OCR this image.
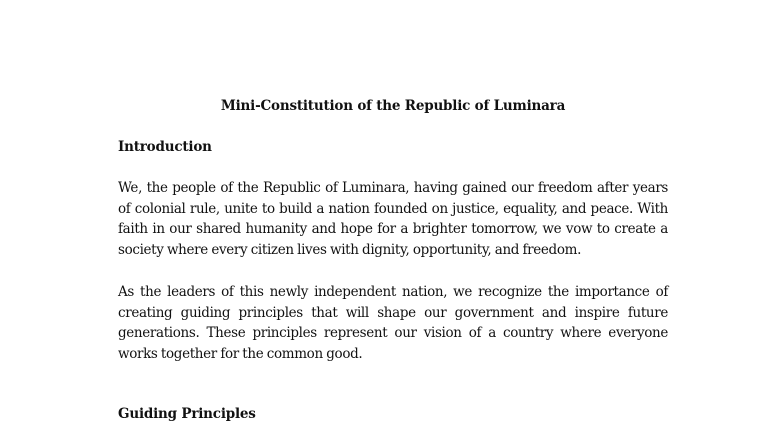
Mini-Constitution of the Republic of Luminara
Introduction
We, the people of the Republic of Luminara, having gained our freedom after years of colonial rule, unite to build a nation founded on justice, equality, and peace. With faith in our shared humanity and hope for a brighter tomorrow, we vow to create a society where every citizen lives with dignity, opportunity, and freedom.
As the leaders of this newly independent nation, we recognize the importance of creating guiding principles that will shape our government and inspire future generations. These principles represent our vision of a country where everyone works together for the common good.
Guiding Principles
